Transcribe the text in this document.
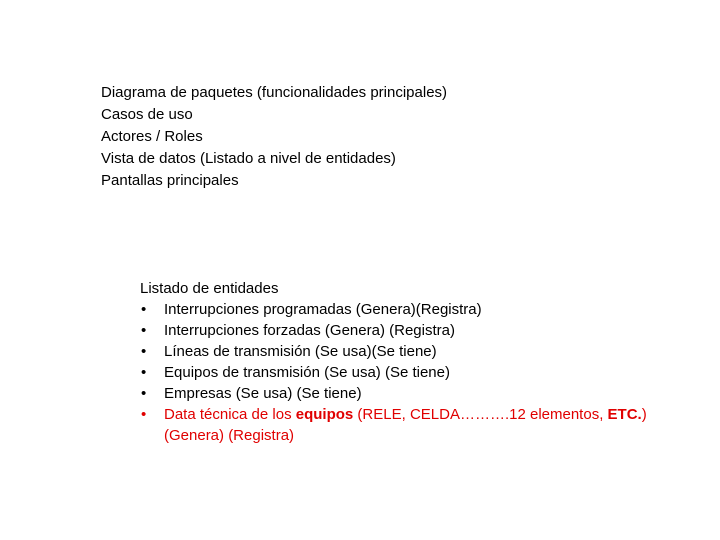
Diagrama de paquetes (funcionalidades principales)
Casos de uso
Actores / Roles
Vista de datos (Listado a nivel de entidades)
Pantallas principales
Listado de entidades
• Interrupciones programadas (Genera)(Registra)
• Interrupciones forzadas (Genera) (Registra)
• Líneas de transmisión (Se usa)(Se tiene)
• Equipos de transmisión (Se usa) (Se tiene)
• Empresas (Se usa) (Se tiene)
• Data técnica de los equipos (RELE, CELDA……….12 elementos, ETC.)
(Genera) (Registra)
